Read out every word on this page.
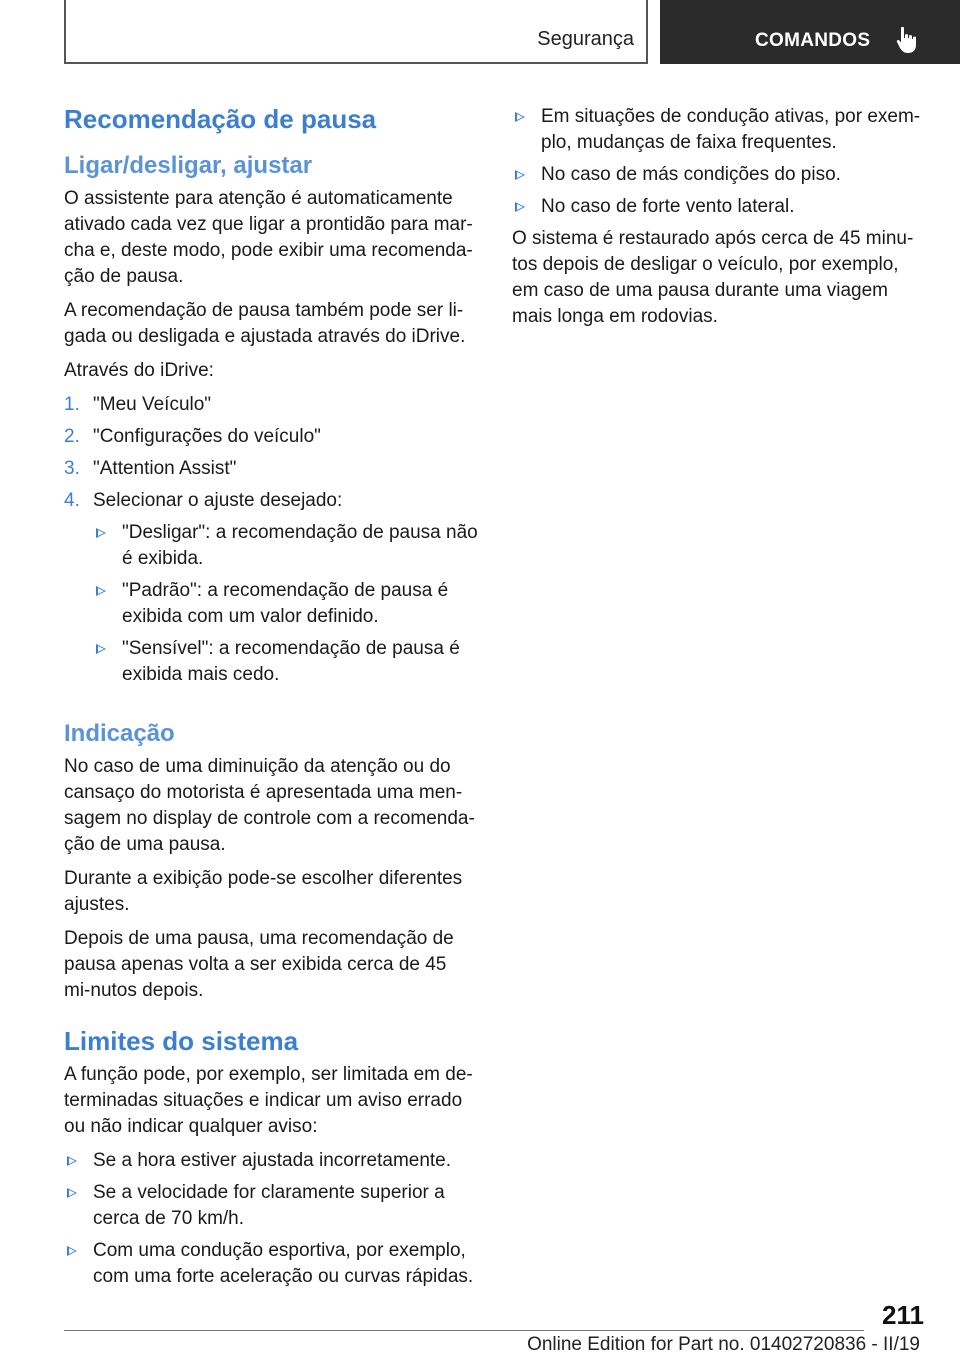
Segurança	COMANDOS
Recomendação de pausa
Ligar/desligar, ajustar

O assistente para atenção é automaticamente ativado cada vez que ligar a prontidão para mar-cha e, deste modo, pode exibir uma recomenda-ção de pausa.

A recomendação de pausa também pode ser li-gada ou desligada e ajustada através do iDrive.

Através do iDrive:

1. "Meu Veículo"
2. "Configurações do veículo"
3. "Attention Assist"
4. Selecionar o ajuste desejado:
"Desligar": a recomendação de pausa não é exibida.
"Padrão": a recomendação de pausa é exibida com um valor definido.
"Sensível": a recomendação de pausa é exibida mais cedo.
Indicação

No caso de uma diminuição da atenção ou do cansaço do motorista é apresentada uma men-sagem no display de controle com a recomenda-ção de uma pausa.

Durante a exibição pode-se escolher diferentes ajustes.

Depois de uma pausa, uma recomendação de pausa apenas volta a ser exibida cerca de 45 mi-nutos depois.

Limites do sistema

A função pode, por exemplo, ser limitada em de-terminadas situações e indicar um aviso errado ou não indicar qualquer aviso:

Se a hora estiver ajustada incorretamente.
Se a velocidade for claramente superior a cerca de 70 km/h.
Com uma condução esportiva, por exemplo, com uma forte aceleração ou curvas rápidas.
Em situações de condução ativas, por exem-plo, mudanças de faixa frequentes.
No caso de más condições do piso.
No caso de forte vento lateral.

O sistema é restaurado após cerca de 45 minu-tos depois de desligar o veículo, por exemplo, em caso de uma pausa durante uma viagem mais longa em rodovias.

211
Online Edition for Part no. 01402720836 - II/19
